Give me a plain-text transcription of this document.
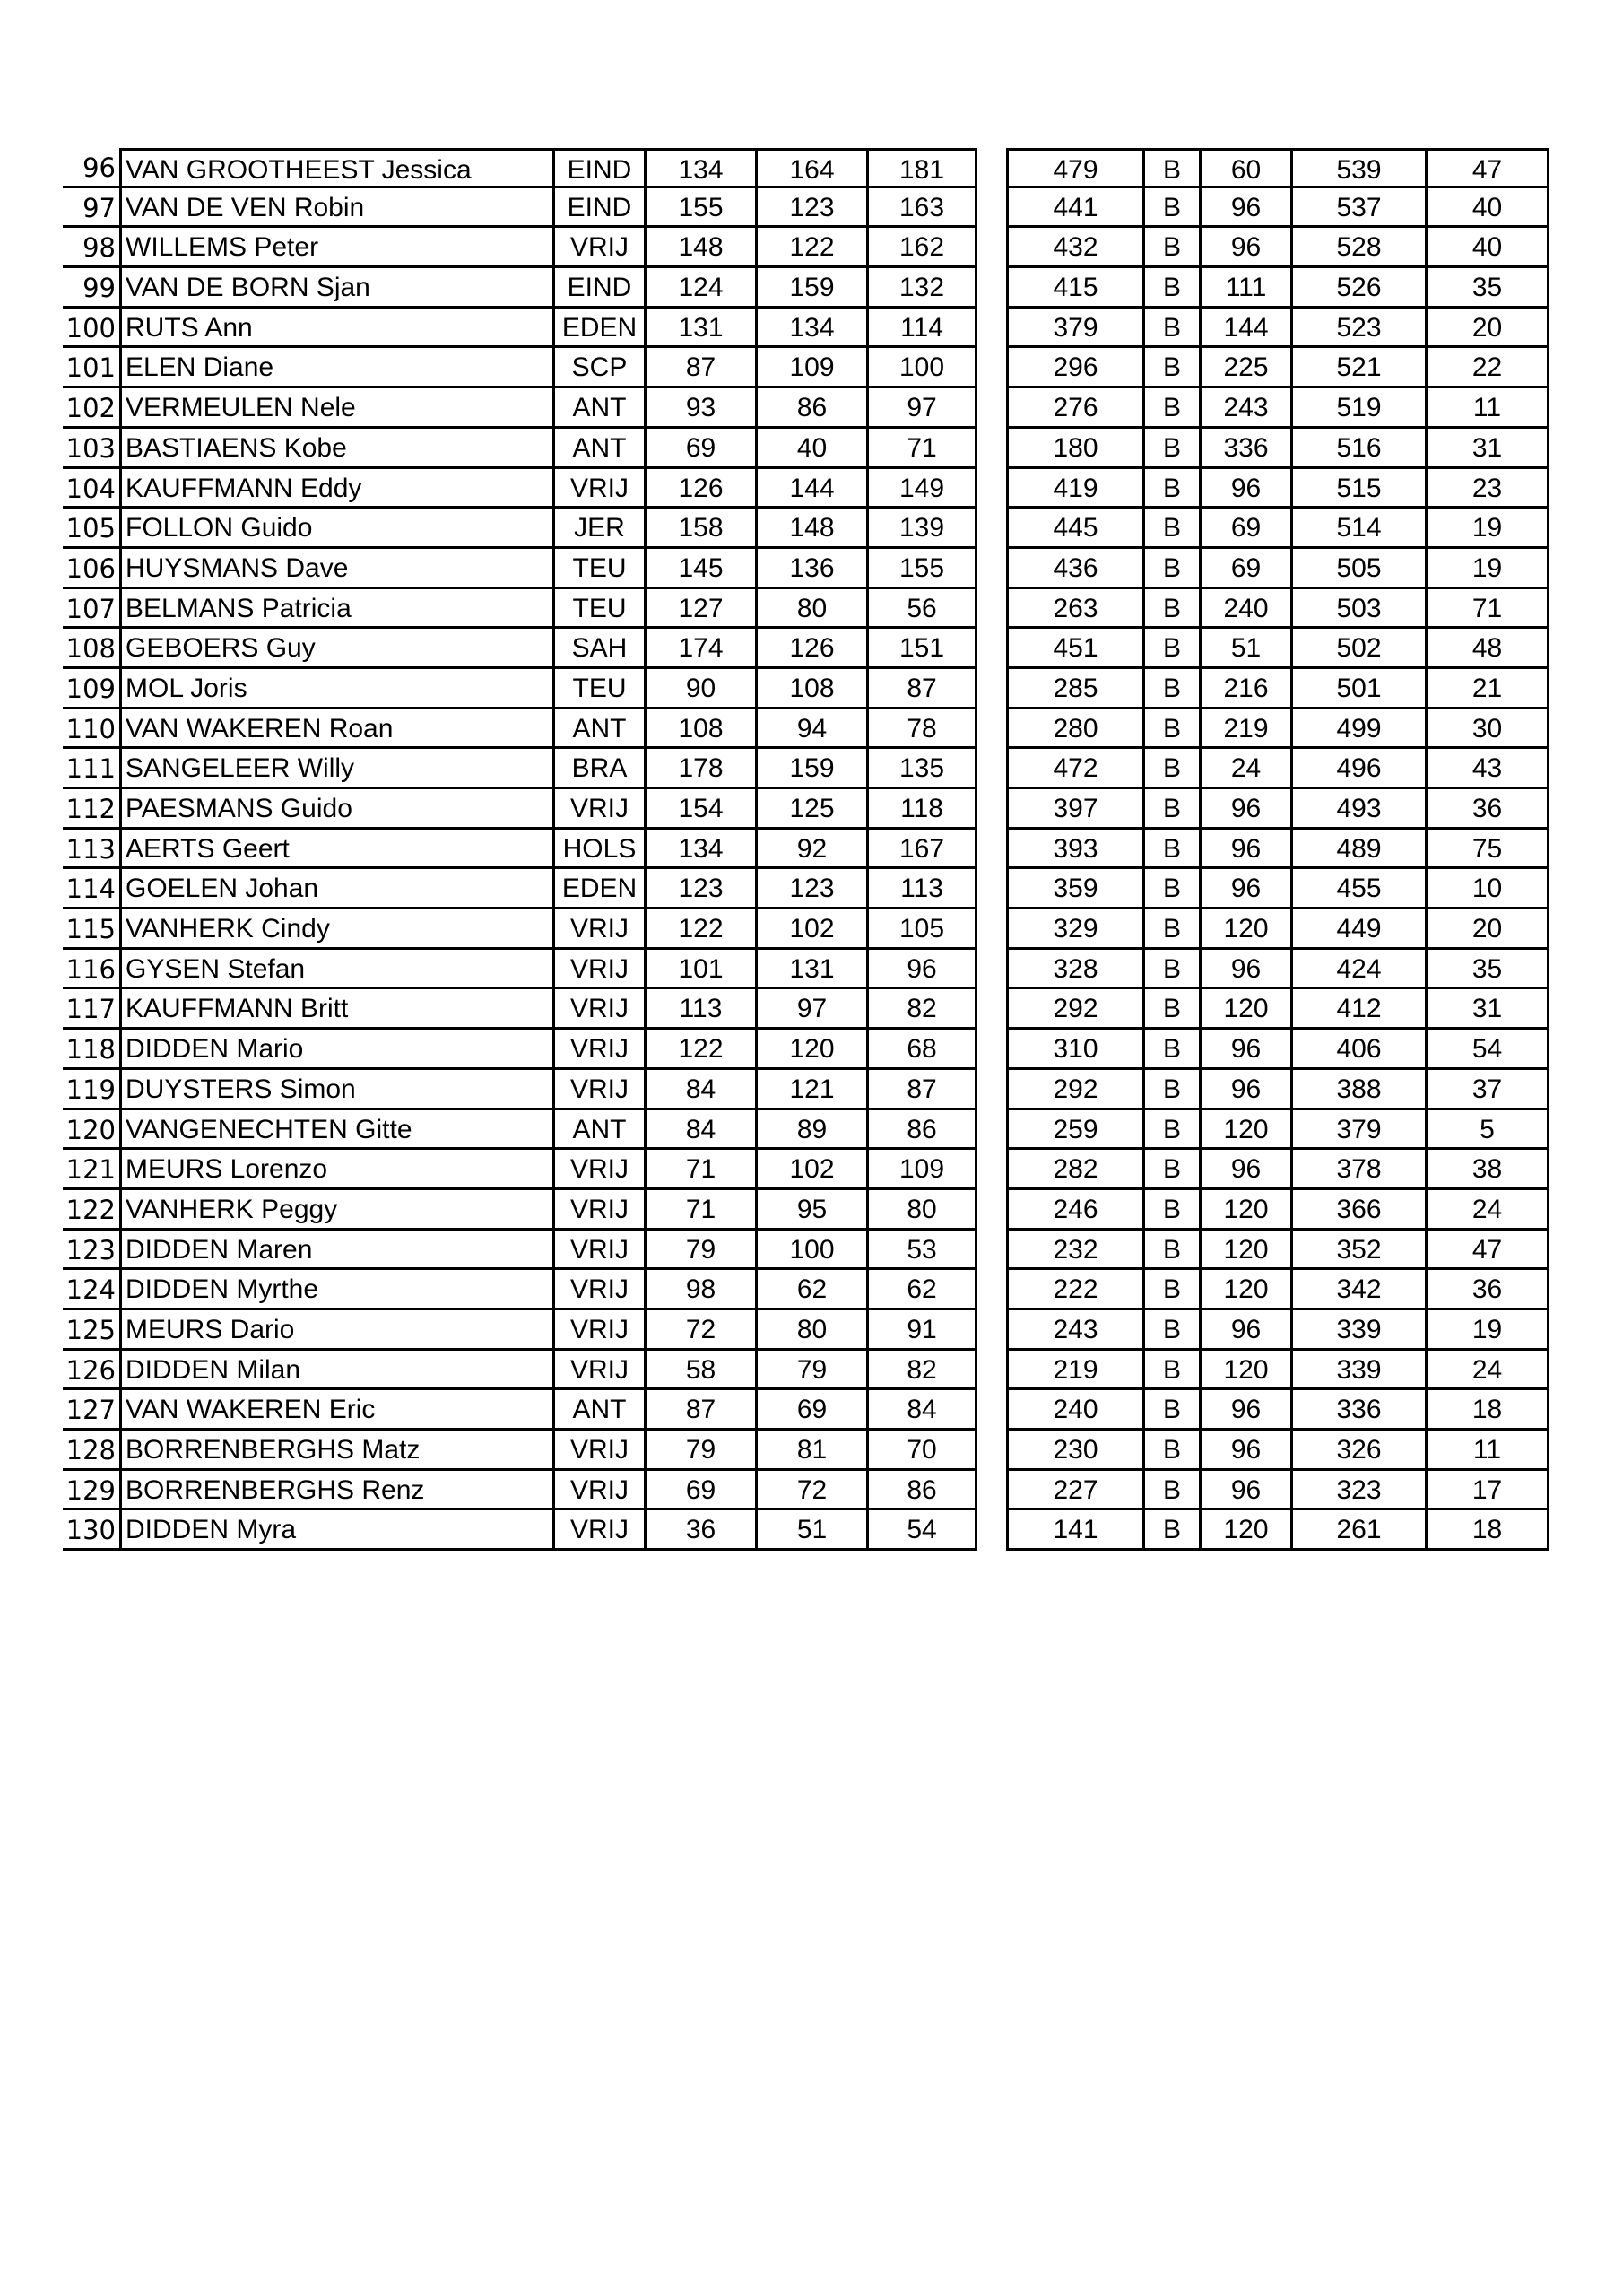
96 VAN GROOTHEEST Jessica	EIND	134	164	181	479	B	60	539	47
97 VAN DE VEN Robin	EIND	155	123	163	441	B	96	537	40
98 WILLEMS Peter	VRIJ	148	122	162	432	B	96	528	40
99 VAN DE BORN Sjan	EIND	124	159	132	415	B	111	526	35
100 RUTS Ann	EDEN	131	134	114	379	B	144	523	20
101 ELEN Diane	SCP	87	109	100	296	B	225	521	22
102 VERMEULEN Nele	ANT	93	86	97	276	B	243	519	11
103 BASTIAENS Kobe	ANT	69	40	71	180	B	336	516	31
104 KAUFFMANN Eddy	VRIJ	126	144	149	419	B	96	515	23
105 FOLLON Guido	JER	158	148	139	445	B	69	514	19
106 HUYSMANS Dave	TEU	145	136	155	436	B	69	505	19
107 BELMANS Patricia	TEU	127	80	56	263	B	240	503	71
108 GEBOERS Guy	SAH	174	126	151	451	B	51	502	48
109 MOL Joris	TEU	90	108	87	285	B	216	501	21
110 VAN WAKEREN Roan	ANT	108	94	78	280	B	219	499	30
111 SANGELEER Willy	BRA	178	159	135	472	B	24	496	43
112 PAESMANS Guido	VRIJ	154	125	118	397	B	96	493	36
113 AERTS Geert	HOLS	134	92	167	393	B	96	489	75
114 GOELEN Johan	EDEN	123	123	113	359	B	96	455	10
115 VANHERK Cindy	VRIJ	122	102	105	329	B	120	449	20
116 GYSEN Stefan	VRIJ	101	131	96	328	B	96	424	35
117 KAUFFMANN Britt	VRIJ	113	97	82	292	B	120	412	31
118 DIDDEN Mario	VRIJ	122	120	68	310	B	96	406	54
119 DUYSTERS Simon	VRIJ	84	121	87	292	B	96	388	37
120 VANGENECHTEN Gitte	ANT	84	89	86	259	B	120	379	5
121 MEURS Lorenzo	VRIJ	71	102	109	282	B	96	378	38
122 VANHERK Peggy	VRIJ	71	95	80	246	B	120	366	24
123 DIDDEN Maren	VRIJ	79	100	53	232	B	120	352	47
124 DIDDEN Myrthe	VRIJ	98	62	62	222	B	120	342	36
125 MEURS Dario	VRIJ	72	80	91	243	B	96	339	19
126 DIDDEN Milan	VRIJ	58	79	82	219	B	120	339	24
127 VAN WAKEREN Eric	ANT	87	69	84	240	B	96	336	18
128 BORRENBERGHS Matz	VRIJ	79	81	70	230	B	96	326	11
129 BORRENBERGHS Renz	VRIJ	69	72	86	227	B	96	323	17
130 DIDDEN Myra	VRIJ	36	51	54	141	B	120	261	18
